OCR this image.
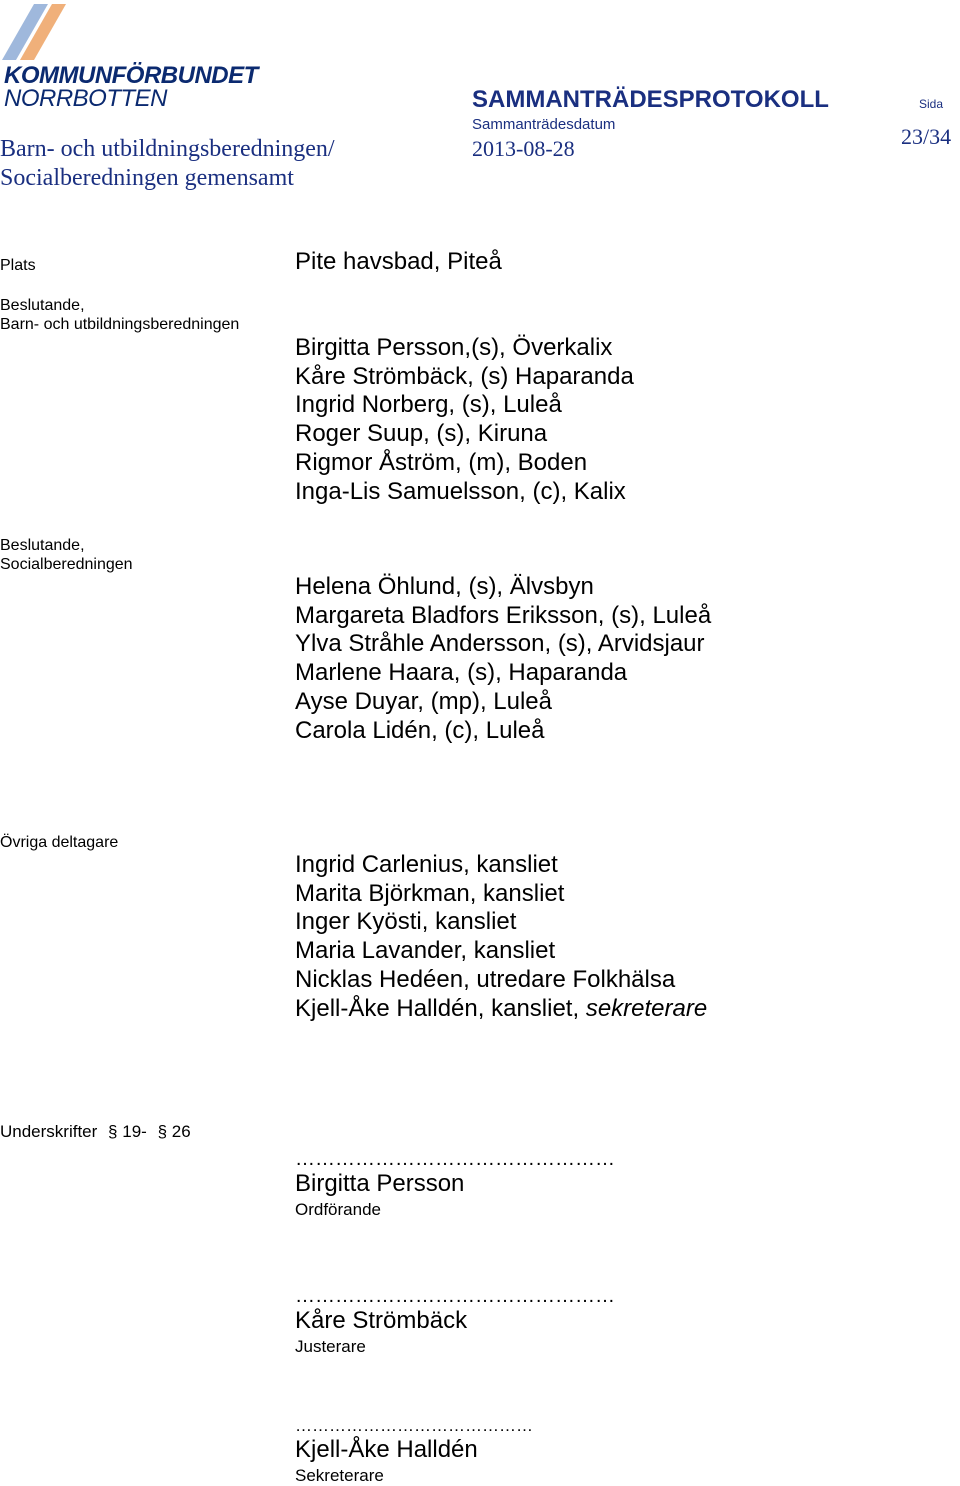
KOMMUNFÖRBUNDET
NORRBOTTEN	SAMMANTRÄDESPROTOKOLL
Sammanträdesdatum
2013-08-28
Sida
23/34
Barn- och utbildningsberedningen/
Socialberedningen gemensamt
Plats	Pite havsbad, Piteå
Beslutande,
Barn- och utbildningsberedningen
Birgitta Persson,(s), Överkalix
Kåre Strömbäck, (s) Haparanda
Ingrid Norberg, (s), Luleå
Roger Suup, (s), Kiruna
Rigmor Åström, (m), Boden
Inga-Lis Samuelsson, (c), Kalix
Beslutande,
Socialberedningen
Helena Öhlund, (s), Älvsbyn
Margareta Bladfors Eriksson, (s), Luleå
Ylva Stråhle Andersson, (s), Arvidsjaur
Marlene Haara, (s), Haparanda
Ayse Duyar, (mp), Luleå
Carola Lidén, (c), Luleå
Övriga deltagare
Ingrid Carlenius, kansliet
Marita Björkman, kansliet
Inger Kyösti, kansliet
Maria Lavander, kansliet
Nicklas Hedéen, utredare Folkhälsa
Kjell-Åke Halldén, kansliet, sekreterare
Underskrifter § 19- § 26
…………………………………………
Birgitta Persson
Ordförande
…………………………………………
Kåre Strömbäck
Justerare
……………………………………
Kjell-Åke Halldén
Sekreterare
